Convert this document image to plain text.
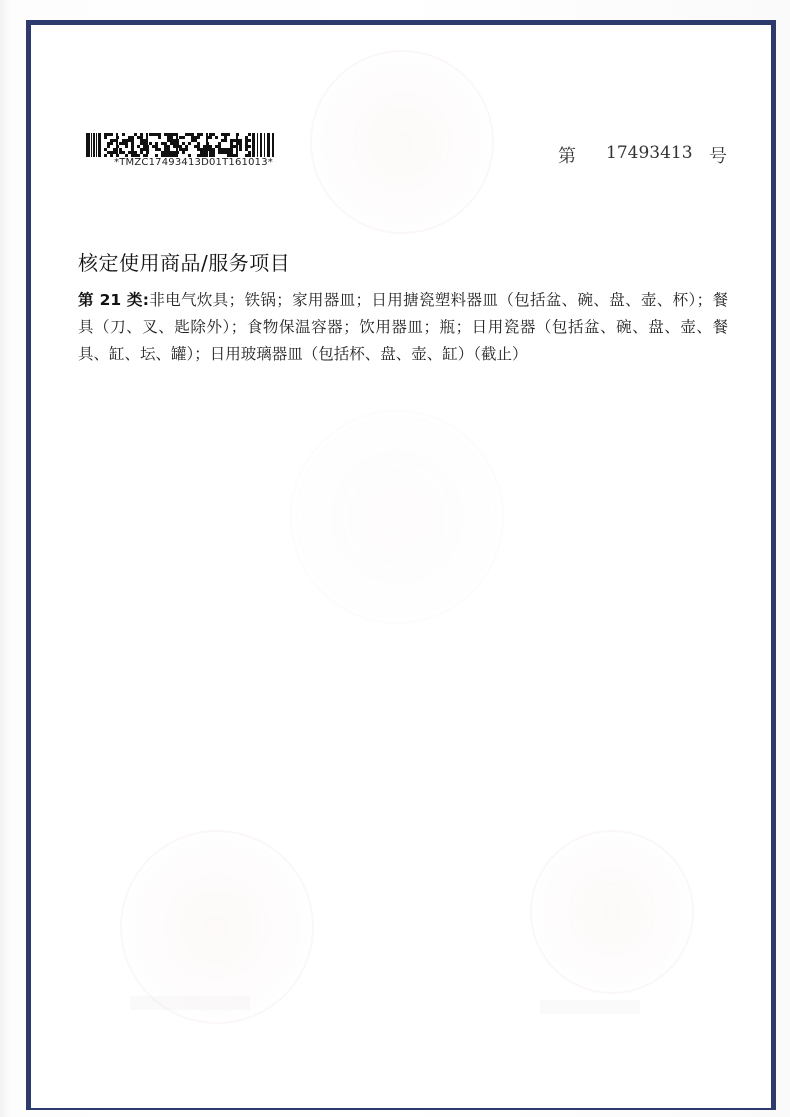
*TMZC17493413D01T161013*	第 17493413 号
核定使用商品/服务项目

第 21 类:非电气炊具；铁锅；家用器皿；日用搪瓷塑料器皿（包括盆、碗、盘、壶、杯）；餐具（刀、叉、匙除外）；食物保温容器；饮用器皿；瓶；日用瓷器（包括盆、碗、盘、壶、餐具、缸、坛、罐）；日用玻璃器皿（包括杯、盘、壶、缸）（截止）
